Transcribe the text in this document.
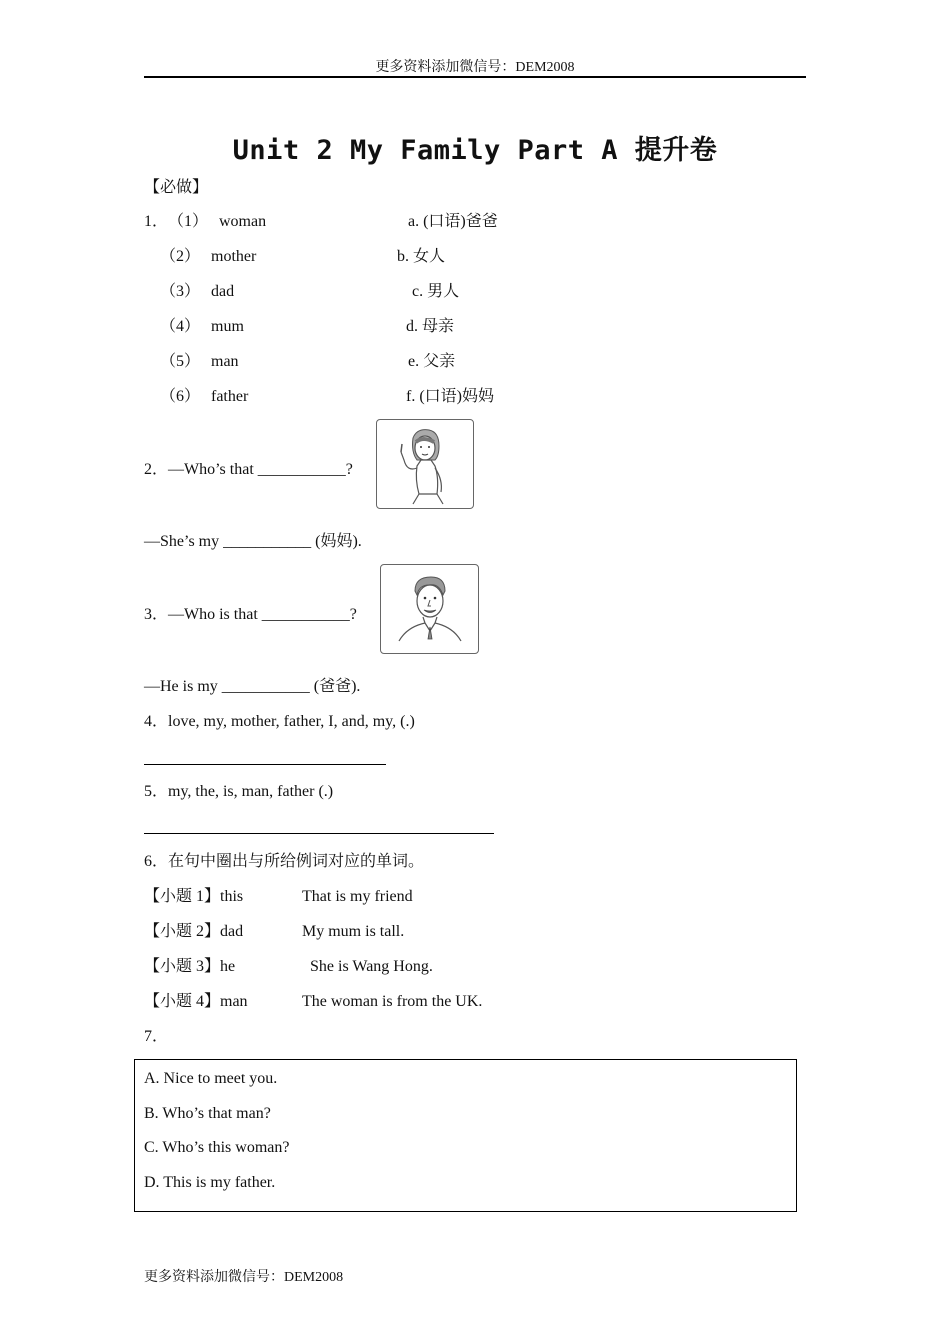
更多资料添加微信号：DEM2008
Unit 2 My Family Part A 提升卷
【必做】
1． （1） woman	a. (口语)爸爸
（2） mother	b. 女人
（3） dad	c. 男人
（4） mum	d. 母亲
（5） man	e. 父亲
（6） father	f. (口语)妈妈
2．—Who’s that ___________?
—She’s my ___________ (妈妈).
3．—Who is that ___________?
—He is my ___________ (爸爸).
4．love, my, mother, father, I, and, my, (.)
5．my, the, is, man, father (.)
6．在句中圈出与所给例词对应的单词。
【小题 1】this	That is my friend
【小题 2】dad	My mum is tall.
【小题 3】he	She is Wang Hong.
【小题 4】man	The woman is from the UK.
7．
A. Nice to meet you.
B. Who’s that man?
C. Who’s this woman?
D. This is my father.
更多资料添加微信号：DEM2008
